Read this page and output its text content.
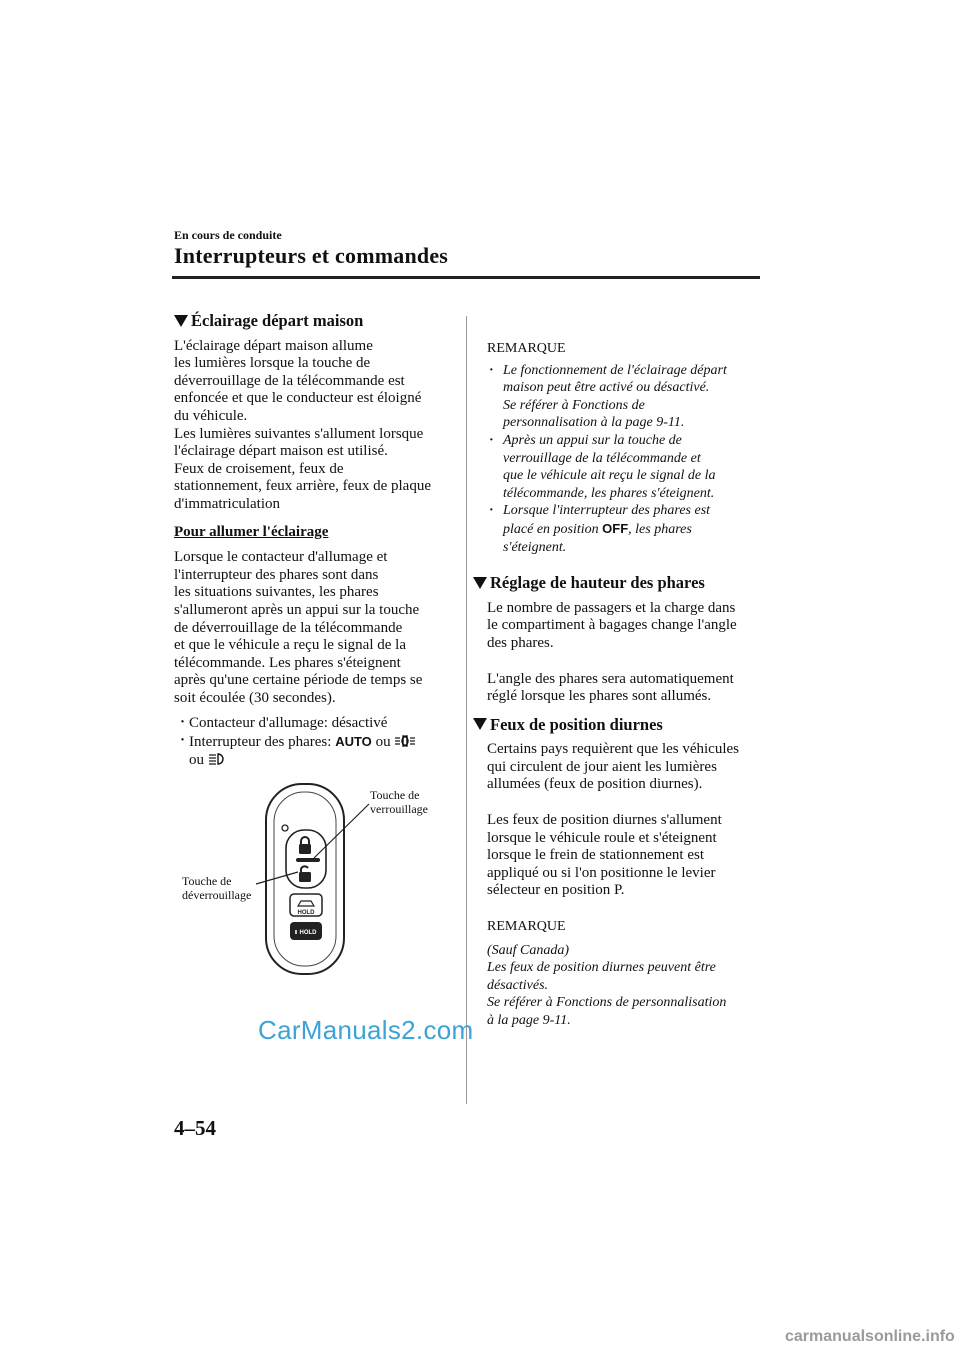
En cours de conduite
Interrupteurs et commandes
Éclairage départ maison

L'éclairage départ maison allume
les lumières lorsque la touche de
déverrouillage de la télécommande est
enfoncée et que le conducteur est éloigné
du véhicule.
Les lumières suivantes s'allument lorsque
l'éclairage départ maison est utilisé.
Feux de croisement, feux de
stationnement, feux arrière, feux de plaque
d'immatriculation

Pour allumer l'éclairage

Lorsque le contacteur d'allumage et
l'interrupteur des phares sont dans
les situations suivantes, les phares
s'allumeront après un appui sur la touche
de déverrouillage de la télécommande
et que le véhicule a reçu le signal de la
télécommande. Les phares s'éteignent
après qu'une certaine période de temps se
soit écoulée (30 secondes).

· Contacteur d'allumage: désactivé
· Interrupteur des phares: AUTO ou
ou
HOLD
HOLD
Touche de
verrouillage
Touche de
déverrouillage
REMARQUE
· Le fonctionnement de l'éclairage départ
maison peut être activé ou désactivé.
Se référer à Fonctions de
personnalisation à la page 9-11.
· Après un appui sur la touche de
verrouillage de la télécommande et
que le véhicule ait reçu le signal de la
télécommande, les phares s'éteignent.
· Lorsque l'interrupteur des phares est
placé en position OFF, les phares
s'éteignent.
Réglage de hauteur des phares

Le nombre de passagers et la charge dans
le compartiment à bagages change l'angle
des phares.

L'angle des phares sera automatiquement
réglé lorsque les phares sont allumés.

Feux de position diurnes

Certains pays requièrent que les véhicules
qui circulent de jour aient les lumières
allumées (feux de position diurnes).

Les feux de position diurnes s'allument
lorsque le véhicule roule et s'éteignent
lorsque le frein de stationnement est
appliqué ou si l'on positionne le levier
sélecteur en position P.

REMARQUE

(Sauf Canada)
Les feux de position diurnes peuvent être
désactivés.
Se référer à Fonctions de personnalisation
à la page 9-11.

CarManuals2.com
4–54
carmanualsonline.info
